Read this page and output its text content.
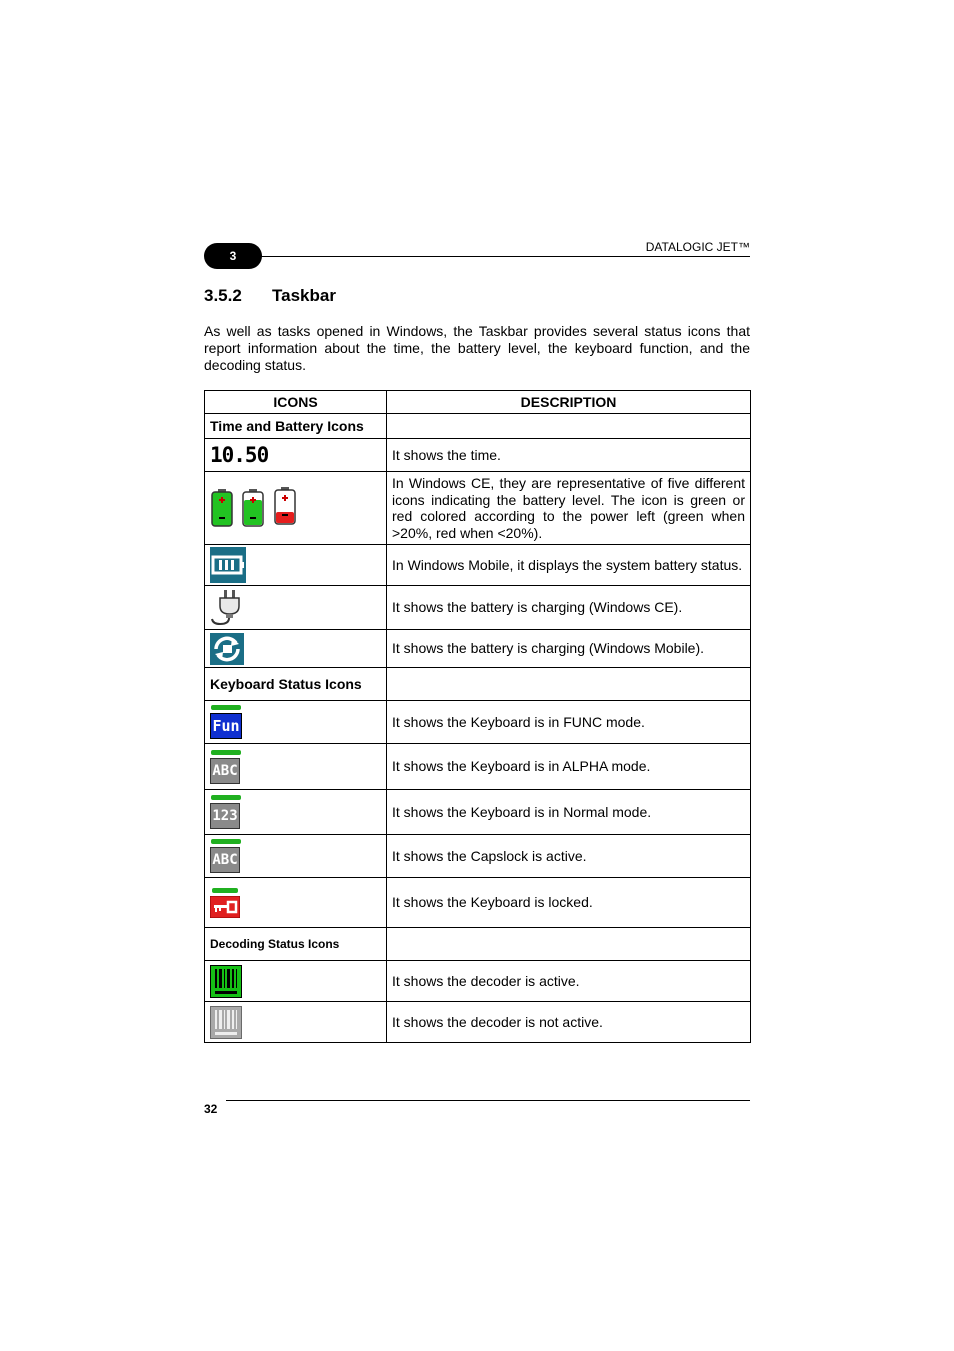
3
DATALOGIC JET™
3.5.2 Taskbar

As well as tasks opened in Windows, the Taskbar provides several status icons that report information about the time, the battery level, the keyboard function, and the decoding status.

ICONS	DESCRIPTION
Time and Battery Icons	
10.50	It shows the time.
	In Windows CE, they are representative of five different icons indicating the battery level. The icon is green or red colored according to the power left (green when >20%, red when <20%).
	In Windows Mobile, it displays the system battery status.
	It shows the battery is charging (Windows CE).
	It shows the battery is charging (Windows Mobile).
Keyboard Status Icons	

Fun	It shows the Keyboard is in FUNC mode.

ABC	It shows the Keyboard is in ALPHA mode.

123	It shows the Keyboard is in Normal mode.

ABC	It shows the Capslock is active.

	It shows the Keyboard is locked.
Decoding Status Icons	
	It shows the decoder is active.
	It shows the decoder is not active.
32
